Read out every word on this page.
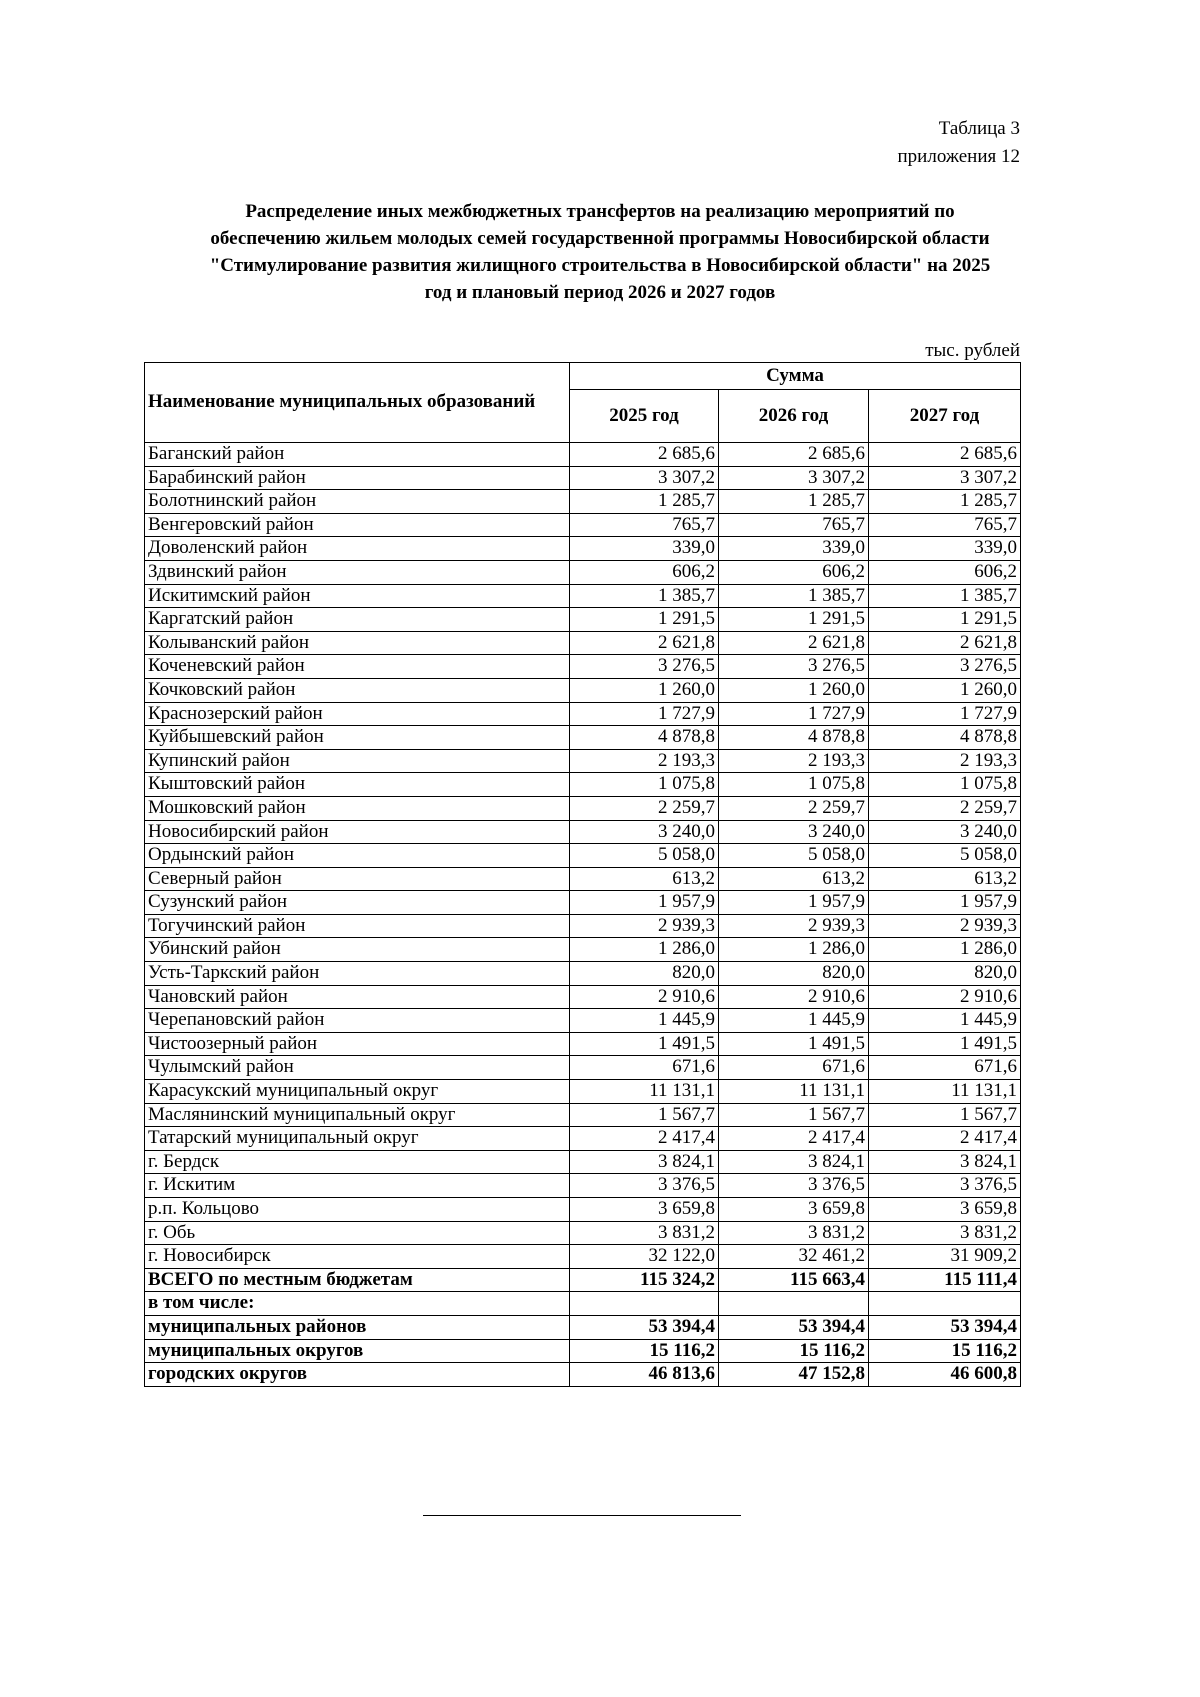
Таблица 3
приложения 12
Распределение иных межбюджетных трансфертов на реализацию мероприятий по
обеспечению жильем молодых семей государственной программы Новосибирской области
"Стимулирование развития жилищного строительства в Новосибирской области" на 2025
год и плановый период 2026 и 2027 годов
тыс. рублей
Наименование муниципальных образований	Сумма		
	2025 год	2026 год	2027 год
Баганский район	2 685,6	2 685,6	2 685,6
Барабинский район	3 307,2	3 307,2	3 307,2
Болотнинский район	1 285,7	1 285,7	1 285,7
Венгеровский район	765,7	765,7	765,7
Доволенский район	339,0	339,0	339,0
Здвинский район	606,2	606,2	606,2
Искитимский район	1 385,7	1 385,7	1 385,7
Каргатский район	1 291,5	1 291,5	1 291,5
Колыванский район	2 621,8	2 621,8	2 621,8
Коченевский район	3 276,5	3 276,5	3 276,5
Кочковский район	1 260,0	1 260,0	1 260,0
Краснозерский район	1 727,9	1 727,9	1 727,9
Куйбышевский район	4 878,8	4 878,8	4 878,8
Купинский район	2 193,3	2 193,3	2 193,3
Кыштовский район	1 075,8	1 075,8	1 075,8
Мошковский район	2 259,7	2 259,7	2 259,7
Новосибирский район	3 240,0	3 240,0	3 240,0
Ордынский район	5 058,0	5 058,0	5 058,0
Северный район	613,2	613,2	613,2
Сузунский район	1 957,9	1 957,9	1 957,9
Тогучинский район	2 939,3	2 939,3	2 939,3
Убинский район	1 286,0	1 286,0	1 286,0
Усть-Таркский район	820,0	820,0	820,0
Чановский район	2 910,6	2 910,6	2 910,6
Черепановский район	1 445,9	1 445,9	1 445,9
Чистоозерный район	1 491,5	1 491,5	1 491,5
Чулымский район	671,6	671,6	671,6
Карасукский муниципальный округ	11 131,1	11 131,1	11 131,1
Маслянинский муниципальный округ	1 567,7	1 567,7	1 567,7
Татарский муниципальный округ	2 417,4	2 417,4	2 417,4
г. Бердск	3 824,1	3 824,1	3 824,1
г. Искитим	3 376,5	3 376,5	3 376,5
р.п. Кольцово	3 659,8	3 659,8	3 659,8
г. Обь	3 831,2	3 831,2	3 831,2
г. Новосибирск	32 122,0	32 461,2	31 909,2
ВСЕГО по местным бюджетам	115 324,2	115 663,4	115 111,4
в том числе:			
муниципальных районов	53 394,4	53 394,4	53 394,4
муниципальных округов	15 116,2	15 116,2	15 116,2
городских округов	46 813,6	47 152,8	46 600,8
